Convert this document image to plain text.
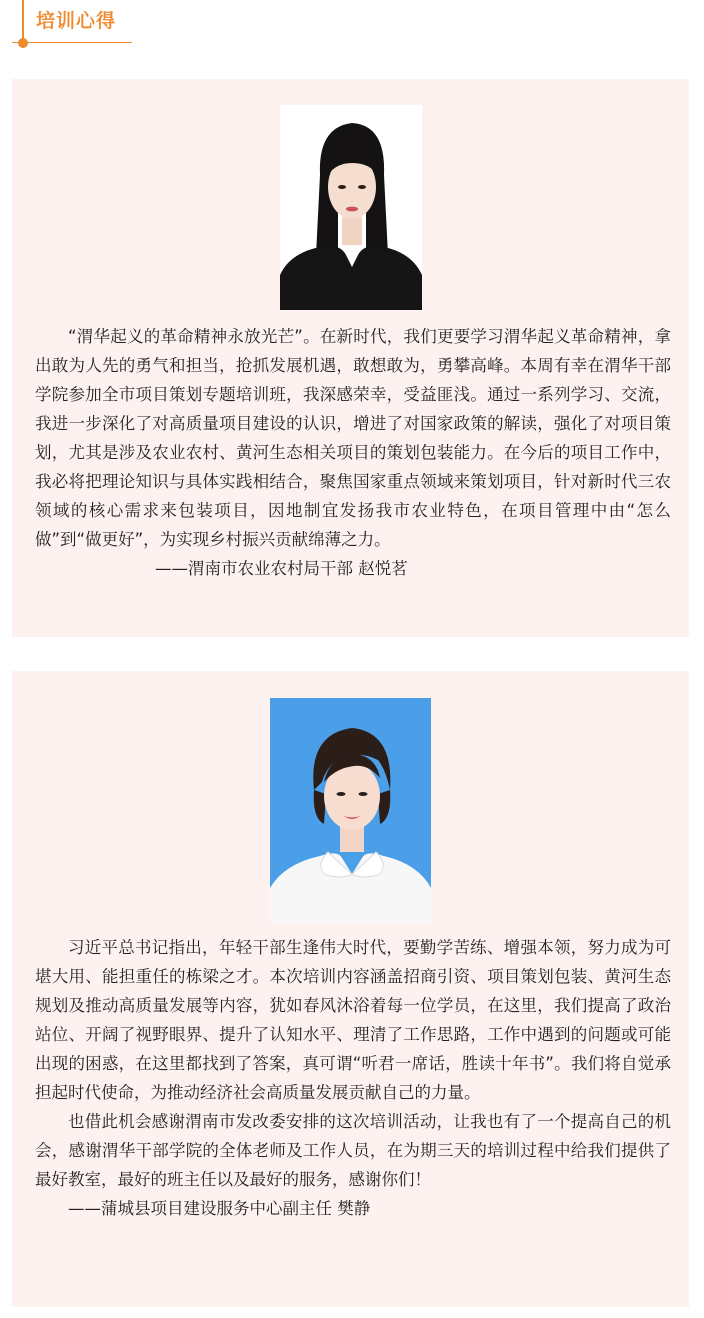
培训心得

“渭华起义的革命精神永放光芒”。在新时代，我们更要学习渭华起义革命精神，拿出敢为人先的勇气和担当，抢抓发展机遇，敢想敢为，勇攀高峰。本周有幸在渭华干部学院参加全市项目策划专题培训班，我深感荣幸，受益匪浅。通过一系列学习、交流，我进一步深化了对高质量项目建设的认识，增进了对国家政策的解读，强化了对项目策划，尤其是涉及农业农村、黄河生态相关项目的策划包装能力。在今后的项目工作中，我必将把理论知识与具体实践相结合，聚焦国家重点领域来策划项目，针对新时代三农领域的核心需求来包装项目，因地制宜发扬我市农业特色，在项目管理中由“怎么做”到“做更好”，为实现乡村振兴贡献绵薄之力。

——渭南市农业农村局干部 赵悦茗

习近平总书记指出，年轻干部生逢伟大时代，要勤学苦练、增强本领，努力成为可堪大用、能担重任的栋梁之才。本次培训内容涵盖招商引资、项目策划包装、黄河生态规划及推动高质量发展等内容，犹如春风沐浴着每一位学员，在这里，我们提高了政治站位、开阔了视野眼界、提升了认知水平、理清了工作思路，工作中遇到的问题或可能出现的困惑，在这里都找到了答案，真可谓“听君一席话，胜读十年书”。我们将自觉承担起时代使命，为推动经济社会高质量发展贡献自己的力量。

也借此机会感谢渭南市发改委安排的这次培训活动，让我也有了一个提高自己的机会，感谢渭华干部学院的全体老师及工作人员，在为期三天的培训过程中给我们提供了最好教室，最好的班主任以及最好的服务，感谢你们！

——蒲城县项目建设服务中心副主任 樊静
